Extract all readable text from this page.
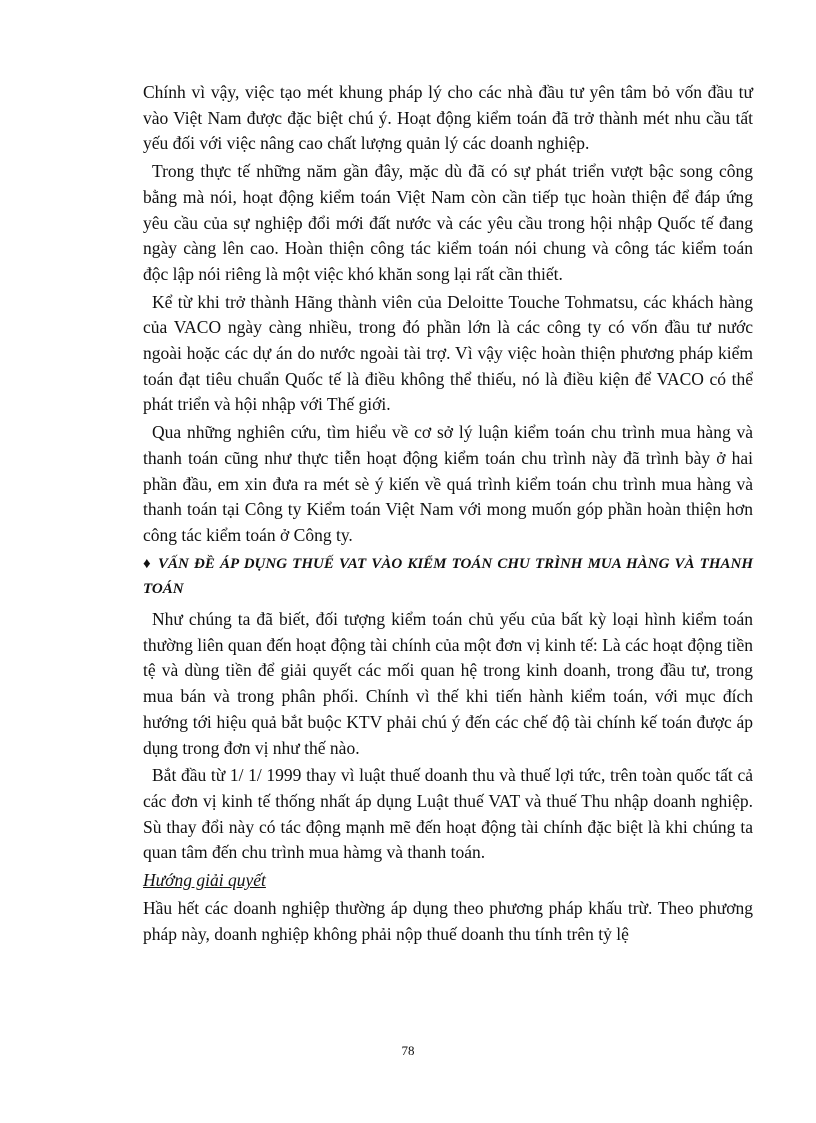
Chính vì vậy, việc tạo mét khung pháp lý cho các nhà đầu tư yên tâm bỏ vốn đầu tư vào Việt Nam được đặc biệt chú ý. Hoạt động kiểm toán đã trở thành mét nhu cầu tất yếu đối với việc nâng cao chất lượng quản lý các doanh nghiệp.

Trong thực tế những năm gần đây, mặc dù đã có sự phát triển vượt bậc song công bằng mà nói, hoạt động kiểm toán Việt Nam còn cần tiếp tục hoàn thiện để đáp ứng yêu cầu của sự nghiệp đổi mới đất nước và các yêu cầu trong hội nhập Quốc tế đang ngày càng lên cao. Hoàn thiện công tác kiểm toán nói chung và công tác kiểm toán độc lập nói riêng là một việc khó khăn song lại rất cần thiết.

Kể từ khi trở thành Hãng thành viên của Deloitte Touche Tohmatsu, các khách hàng của VACO ngày càng nhiều, trong đó phần lớn là các công ty có vốn đầu tư nước ngoài hoặc các dự án do nước ngoài tài trợ. Vì vậy việc hoàn thiện phương pháp kiểm toán đạt tiêu chuẩn Quốc tế là điều không thể thiếu, nó là điều kiện để VACO có thể phát triển và hội nhập với Thế giới.

Qua những nghiên cứu, tìm hiểu về cơ sở lý luận kiểm toán chu trình mua hàng và thanh toán cũng như thực tiễn hoạt động kiểm toán chu trình này đã trình bày ở hai phần đầu, em xin đưa ra mét sè ý kiến về quá trình kiểm toán chu trình mua hàng và thanh toán tại Công ty Kiểm toán Việt Nam với mong muốn góp phần hoàn thiện hơn công tác kiểm toán ở Công ty.

♦ VẤN ĐỀ ÁP DỤNG THUẾ VAT VÀO KIỂM TOÁN CHU TRÌNH MUA HÀNG VÀ THANH TOÁN

Như chúng ta đã biết, đối tượng kiểm toán chủ yếu của bất kỳ loại hình kiểm toán thường liên quan đến hoạt động tài chính của một đơn vị kinh tế: Là các hoạt động tiền tệ và dùng tiền để giải quyết các mối quan hệ trong kinh doanh, trong đầu tư, trong mua bán và trong phân phối. Chính vì thế khi tiến hành kiểm toán, với mục đích hướng tới hiệu quả bắt buộc KTV phải chú ý đến các chế độ tài chính kế toán được áp dụng trong đơn vị như thế nào.

Bắt đầu từ 1/ 1/ 1999 thay vì luật thuế doanh thu và thuế lợi tức, trên toàn quốc tất cả các đơn vị kinh tế thống nhất áp dụng Luật thuế VAT và thuế Thu nhập doanh nghiệp. Sù thay đổi này có tác động mạnh mẽ đến hoạt động tài chính đặc biệt là khi chúng ta quan tâm đến chu trình mua hàmg và thanh toán.

Hướng giải quyết

Hầu hết các doanh nghiệp thường áp dụng theo phương pháp khấu trừ. Theo phương pháp này, doanh nghiệp không phải nộp thuế doanh thu tính trên tỷ lệ

78
